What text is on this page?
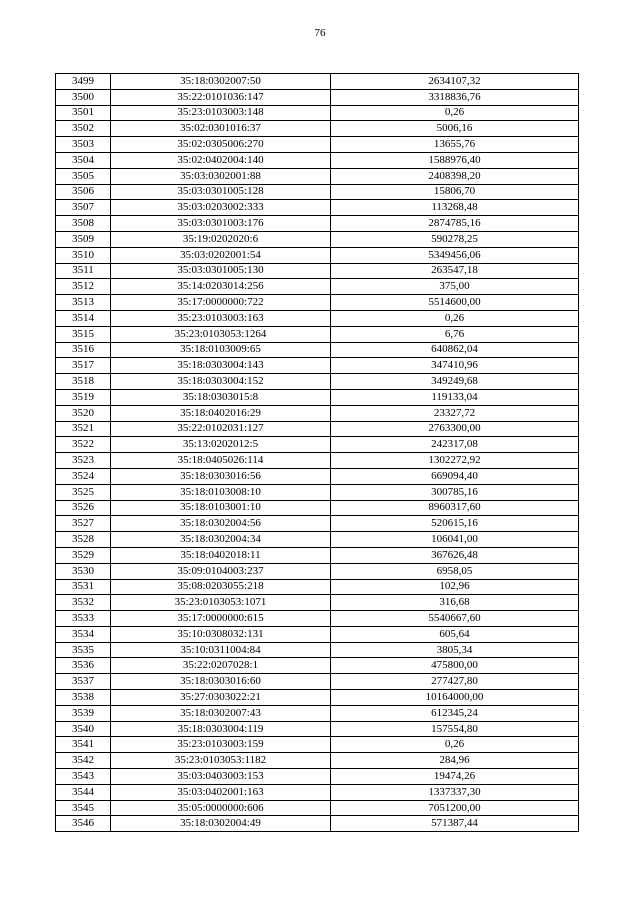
76
3499	35:18:0302007:50	2634107,32
3500	35:22:0101036:147	3318836,76
3501	35:23:0103003:148	0,26
3502	35:02:0301016:37	5006,16
3503	35:02:0305006:270	13655,76
3504	35:02:0402004:140	1588976,40
3505	35:03:0302001:88	2408398,20
3506	35:03:0301005:128	15806,70
3507	35:03:0203002:333	113268,48
3508	35:03:0301003:176	2874785,16
3509	35:19:0202020:6	590278,25
3510	35:03:0202001:54	5349456,06
3511	35:03:0301005:130	263547,18
3512	35:14:0203014:256	375,00
3513	35:17:0000000:722	5514600,00
3514	35:23:0103003:163	0,26
3515	35:23:0103053:1264	6,76
3516	35:18:0103009:65	640862,04
3517	35:18:0303004:143	347410,96
3518	35:18:0303004:152	349249,68
3519	35:18:0303015:8	119133,04
3520	35:18:0402016:29	23327,72
3521	35:22:0102031:127	2763300,00
3522	35:13:0202012:5	242317,08
3523	35:18:0405026:114	1302272,92
3524	35:18:0303016:56	669094,40
3525	35:18:0103008:10	300785,16
3526	35:18:0103001:10	8960317,60
3527	35:18:0302004:56	520615,16
3528	35:18:0302004:34	106041,00
3529	35:18:0402018:11	367626,48
3530	35:09:0104003:237	6958,05
3531	35:08:0203055:218	102,96
3532	35:23:0103053:1071	316,68
3533	35:17:0000000:615	5540667,60
3534	35:10:0308032:131	605,64
3535	35:10:0311004:84	3805,34
3536	35:22:0207028:1	475800,00
3537	35:18:0303016:60	277427,80
3538	35:27:0303022:21	10164000,00
3539	35:18:0302007:43	612345,24
3540	35:18:0303004:119	157554,80
3541	35:23:0103003:159	0,26
3542	35:23:0103053:1182	284,96
3543	35:03:0403003:153	19474,26
3544	35:03:0402001:163	1337337,30
3545	35:05:0000000:606	7051200,00
3546	35:18:0302004:49	571387,44
